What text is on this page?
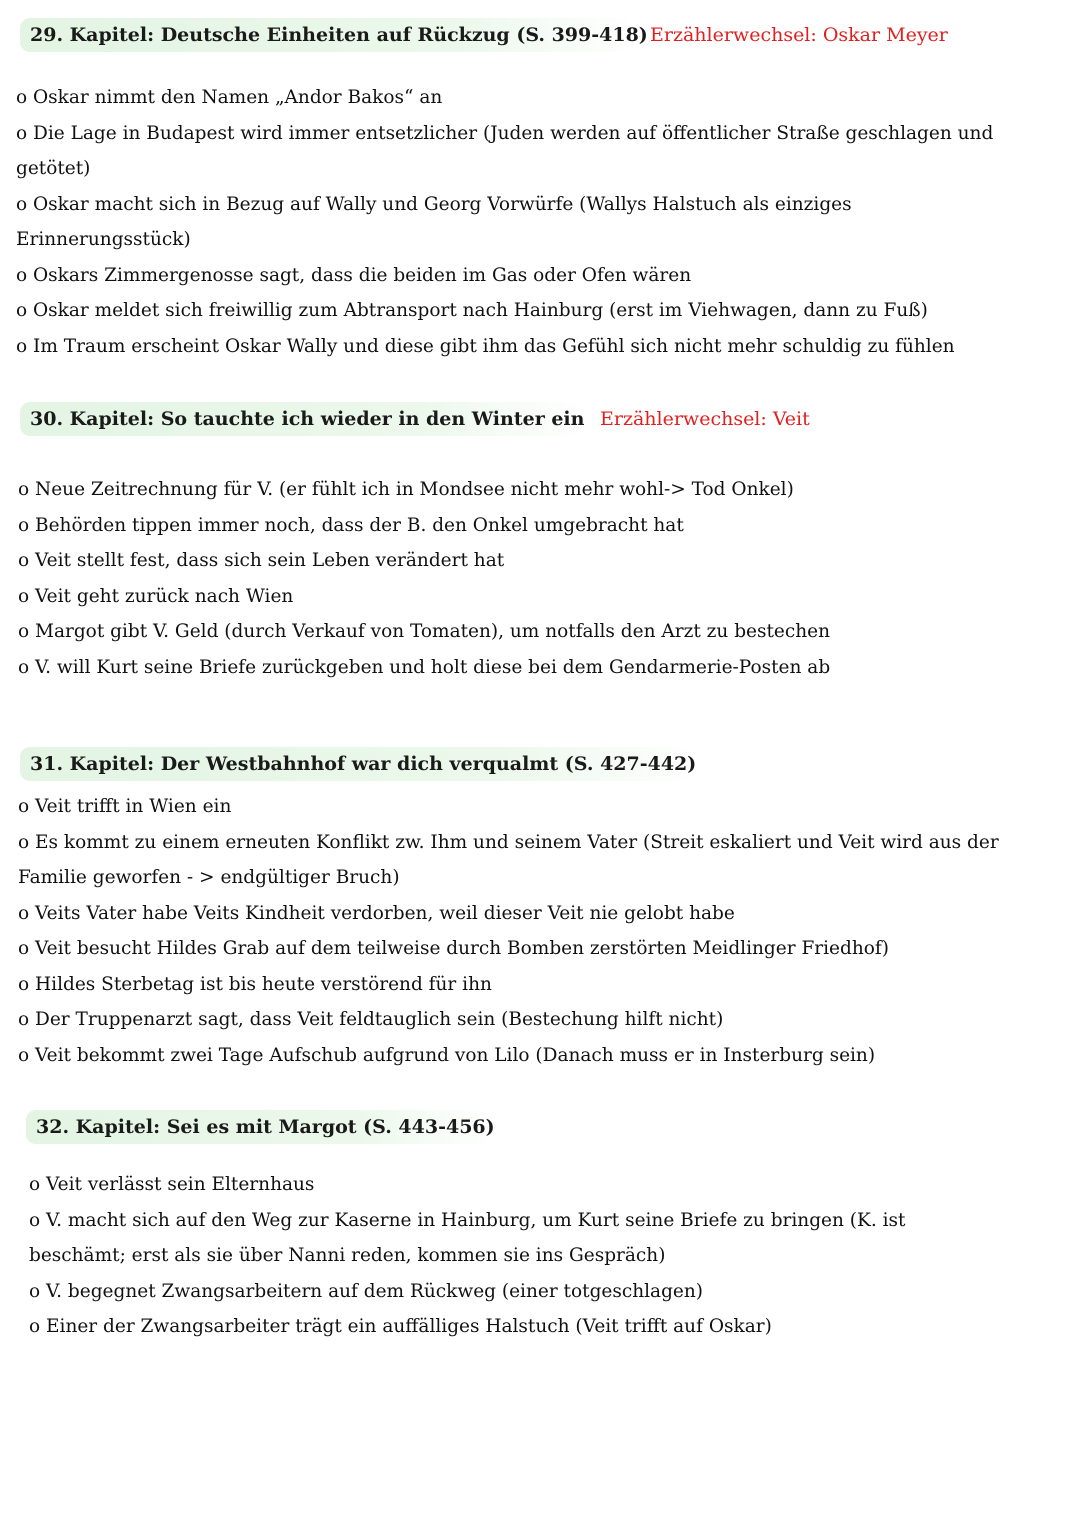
29. Kapitel: Deutsche Einheiten auf Rückzug (S. 399-418) Erzählerwechsel: Oskar Meyer
o Oskar nimmt den Namen „Andor Bakos“ an
o Die Lage in Budapest wird immer entsetzlicher (Juden werden auf öffentlicher Straße geschlagen und getötet)
o Oskar macht sich in Bezug auf Wally und Georg Vorwürfe (Wallys Halstuch als einziges Erinnerungsstück)
o Oskars Zimmergenosse sagt, dass die beiden im Gas oder Ofen wären
o Oskar meldet sich freiwillig zum Abtransport nach Hainburg (erst im Viehwagen, dann zu Fuß)
o Im Traum erscheint Oskar Wally und diese gibt ihm das Gefühl sich nicht mehr schuldig zu fühlen
30. Kapitel: So tauchte ich wieder in den Winter ein Erzählerwechsel: Veit
o Neue Zeitrechnung für V. (er fühlt ich in Mondsee nicht mehr wohl-> Tod Onkel)
o Behörden tippen immer noch, dass der B. den Onkel umgebracht hat
o Veit stellt fest, dass sich sein Leben verändert hat
o Veit geht zurück nach Wien
o Margot gibt V. Geld (durch Verkauf von Tomaten), um notfalls den Arzt zu bestechen
o V. will Kurt seine Briefe zurückgeben und holt diese bei dem Gendarmerie-Posten ab
31. Kapitel: Der Westbahnhof war dich verqualmt (S. 427-442)
o Veit trifft in Wien ein
o Es kommt zu einem erneuten Konflikt zw. Ihm und seinem Vater (Streit eskaliert und Veit wird aus der Familie geworfen - > endgültiger Bruch)
o Veits Vater habe Veits Kindheit verdorben, weil dieser Veit nie gelobt habe
o Veit besucht Hildes Grab auf dem teilweise durch Bomben zerstörten Meidlinger Friedhof)
o Hildes Sterbetag ist bis heute verstörend für ihn
o Der Truppenarzt sagt, dass Veit feldtauglich sein (Bestechung hilft nicht)
o Veit bekommt zwei Tage Aufschub aufgrund von Lilo (Danach muss er in Insterburg sein)
32. Kapitel: Sei es mit Margot (S. 443-456)
o Veit verlässt sein Elternhaus
o V. macht sich auf den Weg zur Kaserne in Hainburg, um Kurt seine Briefe zu bringen (K. ist beschämt; erst als sie über Nanni reden, kommen sie ins Gespräch)
o V. begegnet Zwangsarbeitern auf dem Rückweg (einer totgeschlagen)
o Einer der Zwangsarbeiter trägt ein auffälliges Halstuch (Veit trifft auf Oskar)
